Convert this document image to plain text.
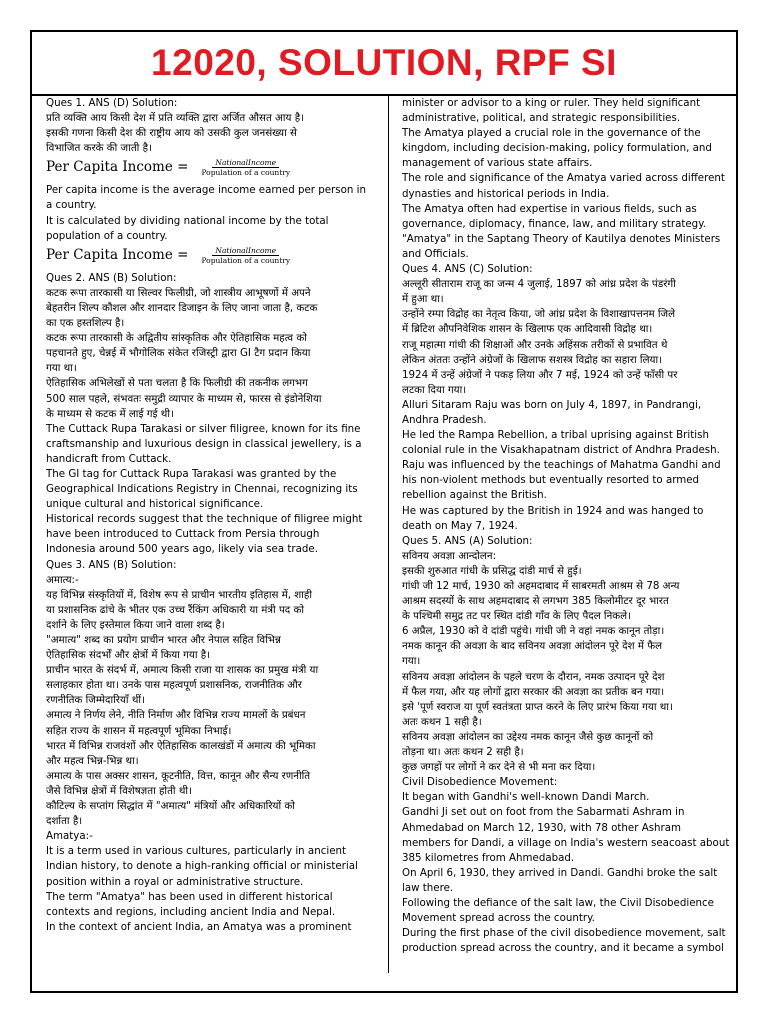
12020, SOLUTION, RPF SI

Ques 1. ANS (D) Solution:

प्रति व्यक्ति आय किसी देश में प्रति व्यक्ति द्वारा अर्जित औसत आय है।

इसकी गणना किसी देश की राष्ट्रीय आय को उसकी कुल जनसंख्या से

विभाजित करके की जाती है।

Per Capita Income = $\frac{\text{NationalIncome}}{\text{Population of a country}}$

Per capita income is the average income earned per person in

a country.

It is calculated by dividing national income by the total

population of a country.

Per Capita Income = $\frac{\text{NationalIncome}}{\text{Population of a country}}$

Ques 2. ANS (B) Solution:

कटक रूपा तारकासी या सिल्वर फिलीग्री, जो शास्त्रीय आभूषणों में अपने

बेहतरीन शिल्प कौशल और शानदार डिजाइन के लिए जाना जाता है, कटक

का एक हस्तशिल्प है।

कटक रूपा तारकासी के अद्वितीय सांस्कृतिक और ऐतिहासिक महत्व को

पहचानते हुए, चेन्नई में भौगोलिक संकेत रजिस्ट्री द्वारा GI टैग प्रदान किया

गया था।

ऐतिहासिक अभिलेखों से पता चलता है कि फिलीग्री की तकनीक लगभग

500 साल पहले, संभवतः समुद्री व्यापार के माध्यम से, फारस से इंडोनेशिया

के माध्यम से कटक में लाई गई थी।

The Cuttack Rupa Tarakasi or silver filigree, known for its fine

craftsmanship and luxurious design in classical jewellery, is a

handicraft from Cuttack.

The GI tag for Cuttack Rupa Tarakasi was granted by the

Geographical Indications Registry in Chennai, recognizing its

unique cultural and historical significance.

Historical records suggest that the technique of filigree might

have been introduced to Cuttack from Persia through

Indonesia around 500 years ago, likely via sea trade.

Ques 3. ANS (B) Solution:

अमात्य:-

यह विभिन्न संस्कृतियों में, विशेष रूप से प्राचीन भारतीय इतिहास में, शाही

या प्रशासनिक ढांचे के भीतर एक उच्च रैंकिंग अधिकारी या मंत्री पद को

दर्शाने के लिए इस्तेमाल किया जाने वाला शब्द है।

"अमात्य" शब्द का प्रयोग प्राचीन भारत और नेपाल सहित विभिन्न

ऐतिहासिक संदर्भों और क्षेत्रों में किया गया है।

प्राचीन भारत के संदर्भ में, अमात्य किसी राजा या शासक का प्रमुख मंत्री या

सलाहकार होता था। उनके पास महत्वपूर्ण प्रशासनिक, राजनीतिक और

रणनीतिक जिम्मेदारियाँ थीं।

अमात्य ने निर्णय लेने, नीति निर्माण और विभिन्न राज्य मामलों के प्रबंधन

सहित राज्य के शासन में महत्वपूर्ण भूमिका निभाई।

भारत में विभिन्न राजवंशों और ऐतिहासिक कालखंडों में अमात्य की भूमिका

और महत्व भिन्न-भिन्न था।

अमात्य के पास अक्सर शासन, कूटनीति, वित्त, कानून और सैन्य रणनीति

जैसे विभिन्न क्षेत्रों में विशेषज्ञता होती थी।

कौटिल्य के सप्तांग सिद्धांत में "अमात्य" मंत्रियों और अधिकारियों को

दर्शाता है।

Amatya:-

It is a term used in various cultures, particularly in ancient

Indian history, to denote a high-ranking official or ministerial

position within a royal or administrative structure.

The term "Amatya" has been used in different historical

contexts and regions, including ancient India and Nepal.

In the context of ancient India, an Amatya was a prominent

minister or advisor to a king or ruler. They held significant

administrative, political, and strategic responsibilities.

The Amatya played a crucial role in the governance of the

kingdom, including decision-making, policy formulation, and

management of various state affairs.

The role and significance of the Amatya varied across different

dynasties and historical periods in India.

The Amatya often had expertise in various fields, such as

governance, diplomacy, finance, law, and military strategy.

"Amatya" in the Saptang Theory of Kautilya denotes Ministers

and Officials.

Ques 4. ANS (C) Solution:

अल्लूरी सीताराम राजू का जन्म 4 जुलाई, 1897 को आंध्र प्रदेश के पंडरंगी

में हुआ था।

उन्होंने रम्पा विद्रोह का नेतृत्व किया, जो आंध्र प्रदेश के विशाखापत्तनम जिले

में ब्रिटिश औपनिवेशिक शासन के खिलाफ एक आदिवासी विद्रोह था।

राजू महात्मा गांधी की शिक्षाओं और उनके अहिंसक तरीकों से प्रभावित थे

लेकिन अंततः उन्होंने अंग्रेजों के खिलाफ सशस्त्र विद्रोह का सहारा लिया।

1924 में उन्हें अंग्रेजों ने पकड़ लिया और 7 मई, 1924 को उन्हें फाँसी पर

लटका दिया गया।

Alluri Sitaram Raju was born on July 4, 1897, in Pandrangi,

Andhra Pradesh.

He led the Rampa Rebellion, a tribal uprising against British

colonial rule in the Visakhapatnam district of Andhra Pradesh.

Raju was influenced by the teachings of Mahatma Gandhi and

his non-violent methods but eventually resorted to armed

rebellion against the British.

He was captured by the British in 1924 and was hanged to

death on May 7, 1924.

Ques 5. ANS (A) Solution:

सविनय अवज्ञा आन्दोलन:

इसकी शुरुआत गांधी के प्रसिद्ध दांडी मार्च से हुई।

गांधी जी 12 मार्च, 1930 को अहमदाबाद में साबरमती आश्रम से 78 अन्य

आश्रम सदस्यों के साथ अहमदाबाद से लगभग 385 किलोमीटर दूर भारत

के पश्चिमी समुद्र तट पर स्थित दांडी गाँव के लिए पैदल निकले।

6 अप्रैल, 1930 को वे दांडी पहुंचे। गांधी जी ने वहां नमक कानून तोड़ा।

नमक कानून की अवज्ञा के बाद सविनय अवज्ञा आंदोलन पूरे देश में फैल

गया।

सविनय अवज्ञा आंदोलन के पहले चरण के दौरान, नमक उत्पादन पूरे देश

में फैल गया, और यह लोगों द्वारा सरकार की अवज्ञा का प्रतीक बन गया।

इसे 'पूर्ण स्वराज या पूर्ण स्वतंत्रता प्राप्त करने के लिए प्रारंभ किया गया था।

अतः कथन 1 सही है।

सविनय अवज्ञा आंदोलन का उद्देश्य नमक कानून जैसे कुछ कानूनों को

तोड़ना था। अतः कथन 2 सही है।

कुछ जगहों पर लोगों ने कर देने से भी मना कर दिया।

Civil Disobedience Movement:

It began with Gandhi's well-known Dandi March.

Gandhi Ji set out on foot from the Sabarmati Ashram in

Ahmedabad on March 12, 1930, with 78 other Ashram

members for Dandi, a village on India's western seacoast about

385 kilometres from Ahmedabad.

On April 6, 1930, they arrived in Dandi. Gandhi broke the salt

law there.

Following the defiance of the salt law, the Civil Disobedience

Movement spread across the country.

During the first phase of the civil disobedience movement, salt

production spread across the country, and it became a symbol
